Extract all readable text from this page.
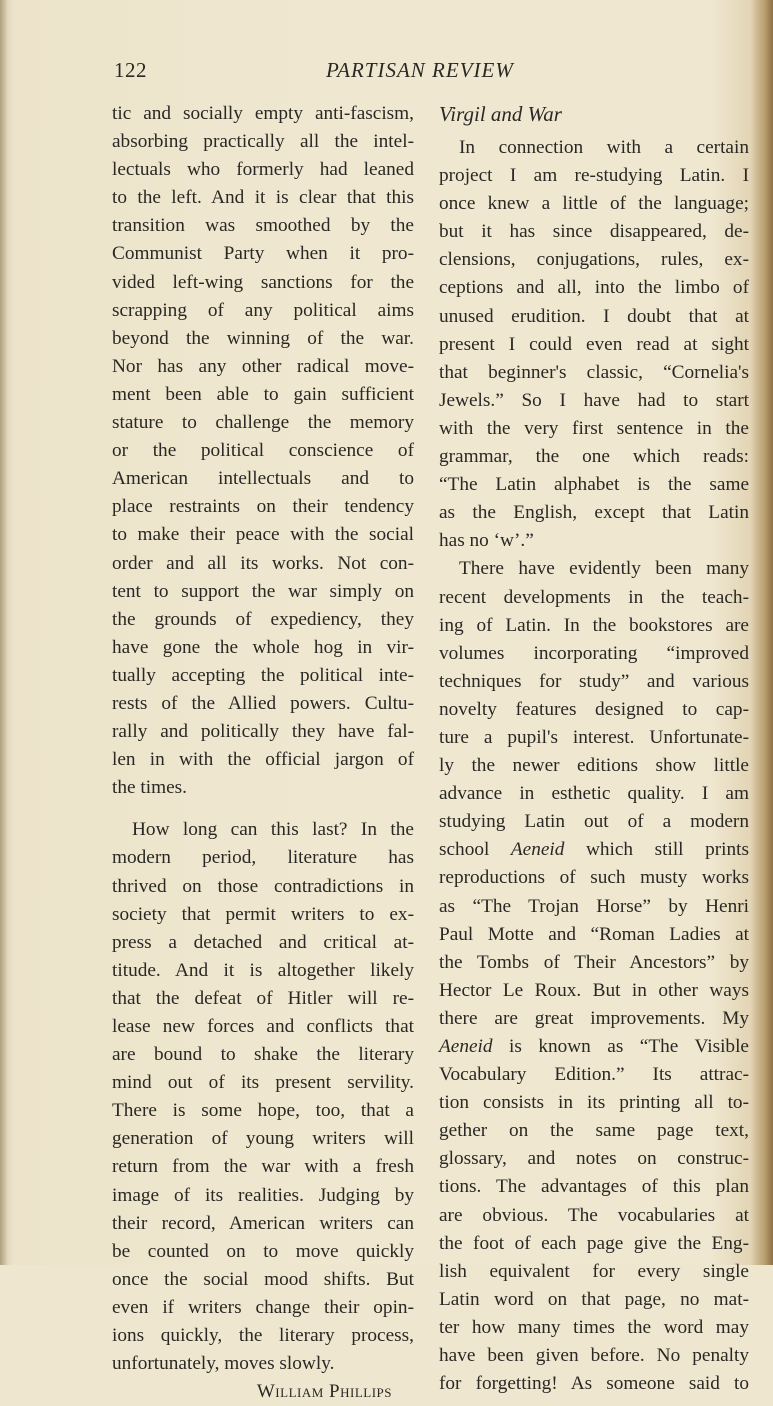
122	PARTISAN REVIEW
tic and socially empty anti-fascism,
absorbing practically all the intel-
lectuals who formerly had leaned
to the left. And it is clear that this
transition was smoothed by the
Communist Party when it pro-
vided left-wing sanctions for the
scrapping of any political aims
beyond the winning of the war.
Nor has any other radical move-
ment been able to gain sufficient
stature to challenge the memory
or the political conscience of
American intellectuals and to
place restraints on their tendency
to make their peace with the social
order and all its works. Not con-
tent to support the war simply on
the grounds of expediency, they
have gone the whole hog in vir-
tually accepting the political inte-
rests of the Allied powers. Cultu-
rally and politically they have fal-
len in with the official jargon of
the times.
How long can this last? In the
modern period, literature has
thrived on those contradictions in
society that permit writers to ex-
press a detached and critical at-
titude. And it is altogether likely
that the defeat of Hitler will re-
lease new forces and conflicts that
are bound to shake the literary
mind out of its present servility.
There is some hope, too, that a
generation of young writers will
return from the war with a fresh
image of its realities. Judging by
their record, American writers can
be counted on to move quickly
once the social mood shifts. But
even if writers change their opin-
ions quickly, the literary process,
unfortunately, moves slowly.
William Phillips
Virgil and War
In connection with a certain
project I am re-studying Latin. I
once knew a little of the language;
but it has since disappeared, de-
clensions, conjugations, rules, ex-
ceptions and all, into the limbo of
unused erudition. I doubt that at
present I could even read at sight
that beginner's classic, “Cornelia's
Jewels.” So I have had to start
with the very first sentence in the
grammar, the one which reads:
“The Latin alphabet is the same
as the English, except that Latin
has no ‘w’.”
There have evidently been many
recent developments in the teach-
ing of Latin. In the bookstores are
volumes incorporating “improved
techniques for study” and various
novelty features designed to cap-
ture a pupil's interest. Unfortunate-
ly the newer editions show little
advance in esthetic quality. I am
studying Latin out of a modern
school Aeneid which still prints
reproductions of such musty works
as “The Trojan Horse” by Henri
Paul Motte and “Roman Ladies at
the Tombs of Their Ancestors” by
Hector Le Roux. But in other ways
there are great improvements. My
Aeneid is known as “The Visible
Vocabulary Edition.” Its attrac-
tion consists in its printing all to-
gether on the same page text,
glossary, and notes on construc-
tions. The advantages of this plan
are obvious. The vocabularies at
the foot of each page give the Eng-
lish equivalent for every single
Latin word on that page, no mat-
ter how many times the word may
have been given before. No penalty
for forgetting! As someone said to
